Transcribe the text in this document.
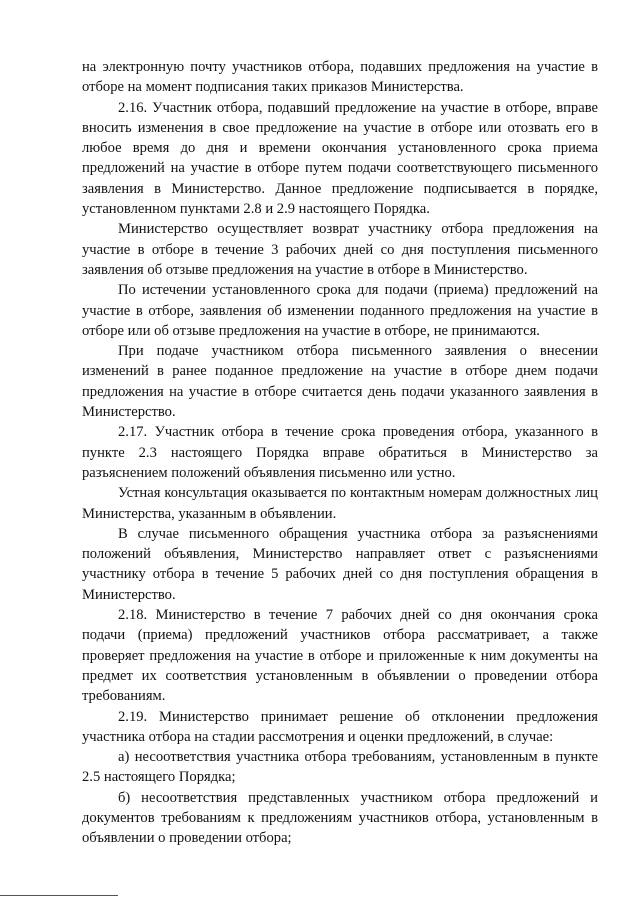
на электронную почту участников отбора, подавших предложения на участие в отборе на момент подписания таких приказов Министерства.

2.16. Участник отбора, подавший предложение на участие в отборе, вправе вносить изменения в свое предложение на участие в отборе или отозвать его в любое время до дня и времени окончания установленного срока приема предложений на участие в отборе путем подачи соответствующего письменного заявления в Министерство. Данное предложение подписывается в порядке, установленном пунктами 2.8 и 2.9 настоящего Порядка.

Министерство осуществляет возврат участнику отбора предложения на участие в отборе в течение 3 рабочих дней со дня поступления письменного заявления об отзыве предложения на участие в отборе в Министерство.

По истечении установленного срока для подачи (приема) предложений на участие в отборе, заявления об изменении поданного предложения на участие в отборе или об отзыве предложения на участие в отборе, не принимаются.

При подаче участником отбора письменного заявления о внесении изменений в ранее поданное предложение на участие в отборе днем подачи предложения на участие в отборе считается день подачи указанного заявления в Министерство.

2.17. Участник отбора в течение срока проведения отбора, указанного в пункте 2.3 настоящего Порядка вправе обратиться в Министерство за разъяснением положений объявления письменно или устно.

Устная консультация оказывается по контактным номерам должностных лиц Министерства, указанным в объявлении.

В случае письменного обращения участника отбора за разъяснениями положений объявления, Министерство направляет ответ с разъяснениями участнику отбора в течение 5 рабочих дней со дня поступления обращения в Министерство.

2.18. Министерство в течение 7 рабочих дней со дня окончания срока подачи (приема) предложений участников отбора рассматривает, а также проверяет предложения на участие в отборе и приложенные к ним документы на предмет их соответствия установленным в объявлении о проведении отбора требованиям.

2.19. Министерство принимает решение об отклонении предложения участника отбора на стадии рассмотрения и оценки предложений, в случае:

а) несоответствия участника отбора требованиям, установленным в пункте 2.5 настоящего Порядка;

б) несоответствия представленных участником отбора предложений и документов требованиям к предложениям участников отбора, установленным в объявлении о проведении отбора;
